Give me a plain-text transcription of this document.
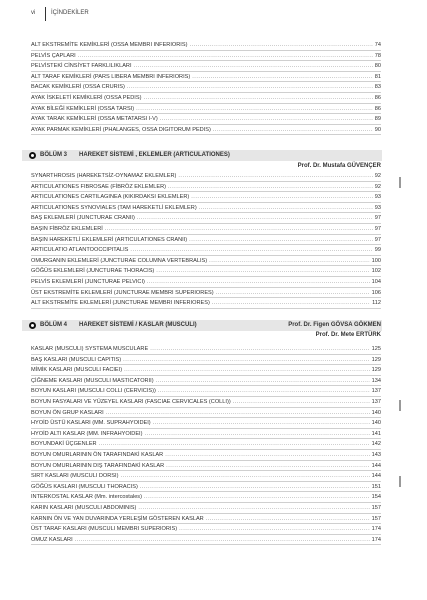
vi	İÇİNDEKİLER
ALT EKSTREMİTE KEMİKLERİ (OSSA MEMBRI INFERIORIS) .....	74
PELVİS ÇAPLARI .....	78
PELVİSTEKİ CİNSİYET FARKLILIKLARI .....	80
ALT TARAF KEMİKLERİ (PARS LIBERA MEMBRI INFERIORIS) .....	81
BACAK KEMİKLERİ (OSSA CRURIS) .....	83
AYAK İSKELETİ KEMİKLERİ (OSSA PEDIS) .....	86
AYAK BİLEĞİ KEMİKLERİ (OSSA TARSI) .....	86
AYAK TARAK KEMİKLERİ (OSSA METATARSI I-V) .....	89
AYAK PARMAK KEMİKLERİ (PHALANGES, OSSA DIGITORUM PEDIS) .....	90
BÖLÜM 3 HAREKET SİSTEMİ , EKLEMLER (ARTICULATIONES)
Prof. Dr. Mustafa GÜVENÇER
SYNARTHROSIS (HAREKETSİZ-OYNAMAZ EKLEMLER) .....	92
ARTICULATIONES FIBROSAE (FİBRÖZ EKLEMLER) .....	92
ARTICULATIONES CARTILAGINEA (KIKIRDAKSI EKLEMLER) .....	93
ARTICULATIONES SYNOVIALES (TAM HAREKETLİ EKLEMLER) .....	93
BAŞ EKLEMLERİ (JUNCTURAE CRANII) .....	97
BAŞIN FİBRÖZ EKLEMLERİ .....	97
BAŞIN HAREKETLİ EKLEMLERİ (ARTICULATIONES CRANII) .....	97
ARTICULATIO ATLANTOOCCIPITALIS .....	99
OMURGANIN EKLEMLERİ (JUNCTURAE COLUMNA VERTEBRALIS) .....	100
GÖĞÜS EKLEMLERİ (JUNCTURAE THORACIS) .....	102
PELVİS EKLEMLERİ (JUNCTURAE PELVICI) .....	104
ÜST EKSTREMİTE EKLEMLERİ (JUNCTURAE MEMBRI SUPERIORES) .....	106
ALT EKSTREMİTE EKLEMLERİ (JUNCTURAE MEMBRI INFERIORES) .....	112
BÖLÜM 4 HAREKET SİSTEMİ / KASLAR (MUSCULI)	Prof. Dr. Figen GÖVSA GÖKMEN
Prof. Dr. Mete ERTÜRK
KASLAR (MUSCULI) SYSTEMA MUSCULARE .....	125
BAŞ KASLARI (MUSCULI CAPITIS) .....	129
MİMİK KASLARI (MUSCULI FACIEI) .....	129
ÇİĞNEME KASLARI (MUSCULI MASTICATORII) .....	134
BOYUN KASLARI (MUSCULI COLLI (CERVICIS)) .....	137
BOYUN FASYALARI VE YÜZEYEL KASLARI (FASCIAE CERVICALES (COLLI)) .....	137
BOYUN ÖN GRUP KASLARI .....	140
HYOİD ÜSTÜ KASLARI (MM. SUPRAHYOIDEI) .....	140
HYOİD ALTI KASLAR (MM. INFRAHYOIDEI) .....	141
BOYUNDAKİ ÜÇGENLER .....	142
BOYUN OMURLARININ ÖN TARAFINDAKİ KASLAR .....	143
BOYUN OMURLARININ DIŞ TARAFINDAKİ KASLAR .....	144
SIRT KASLARI (MUSCULI DORSI) .....	144
GÖĞÜS KASLARI (MUSCULI THORACIS) .....	151
INTERKOSTAL KASLAR (Mm. intercostales) .....	154
KARIN KASLARI (MUSCULI ABDOMINIS) .....	157
KARNIN ÖN VE YAN DUVARINDA YERLEŞİM GÖSTEREN KASLAR .....	157
ÜST TARAF KASLARI (MUSCULI MEMBRI SUPERIORIS) .....	174
OMUZ KASLARI .....	174
